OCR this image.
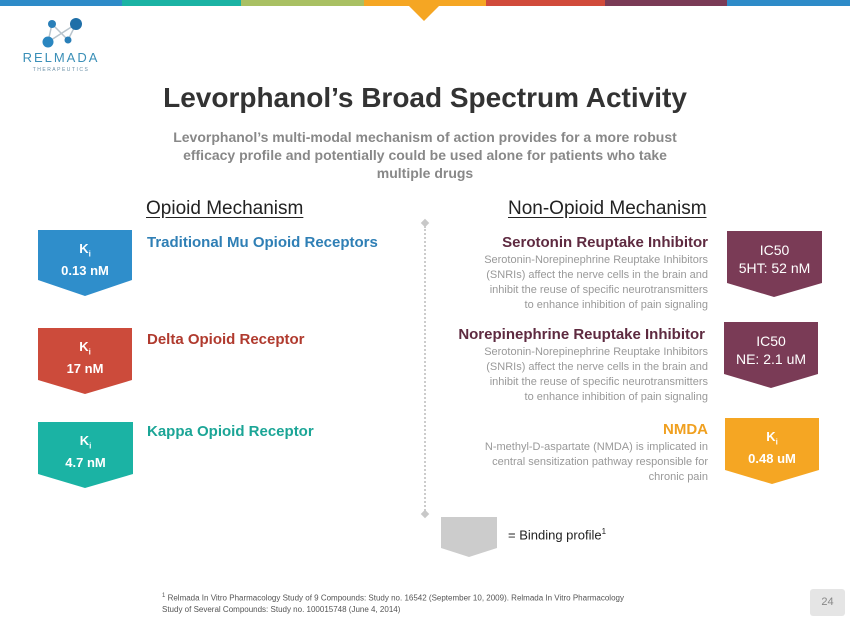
RELMADA
THERAPEUTICS
Levorphanol’s Broad Spectrum Activity
Levorphanol’s multi-modal mechanism of action provides for a more robust efficacy profile and potentially could be used alone for patients who take multiple drugs
Opioid Mechanism	Non-Opioid Mechanism
$K_i$
0.13 nM
$K_i$
17 nM
$K_i$
4.7 nM
Traditional Mu Opioid Receptors
Delta Opioid Receptor
Kappa Opioid Receptor
Serotonin Reuptake Inhibitor
Serotonin-Norepinephrine Reuptake Inhibitors
(SNRIs) affect the nerve cells in the brain and
inhibit the reuse of specific neurotransmitters
to enhance inhibition of pain signaling
Norepinephrine Reuptake Inhibitor
Serotonin-Norepinephrine Reuptake Inhibitors
(SNRIs) affect the nerve cells in the brain and
inhibit the reuse of specific neurotransmitters
to enhance inhibition of pain signaling
NMDA
N-methyl-D-aspartate (NMDA) is implicated in
central sensitization pathway responsible for
chronic pain
IC50
5HT: 52 nM
IC50
NE: 2.1 uM
$K_i$
0.48 uM
= Binding profile$^1$
$^1$ Relmada In Vitro Pharmacology Study of 9 Compounds: Study no. 16542 (September 10, 2009). Relmada In Vitro Pharmacology
Study of Several Compounds: Study no. 100015748 (June 4, 2014)
24
